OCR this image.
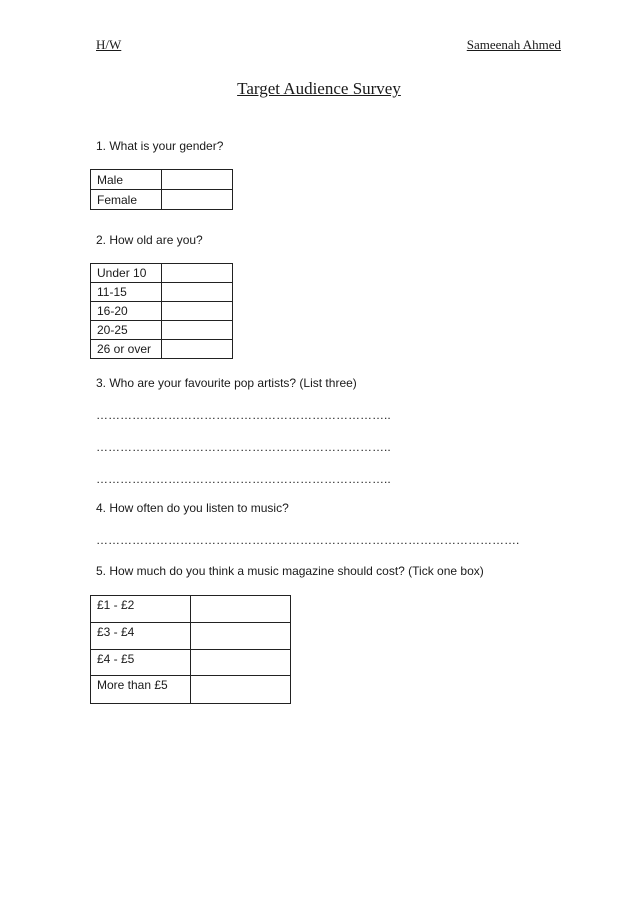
H/W	Sameenah Ahmed
Target Audience Survey
1. What is your gender?
Male	
Female	
2. How old are you?
Under 10	
11-15	
16-20	
20-25	
26 or over	
3. Who are your favourite pop artists? (List three)
………………………………………………………………..
………………………………………………………………..
………………………………………………………………..
4. How often do you listen to music?
…………………………………………………………………………………………….
5. How much do you think a music magazine should cost? (Tick one box)
£1 - £2	
£3 - £4	
£4 - £5	
More than £5	
